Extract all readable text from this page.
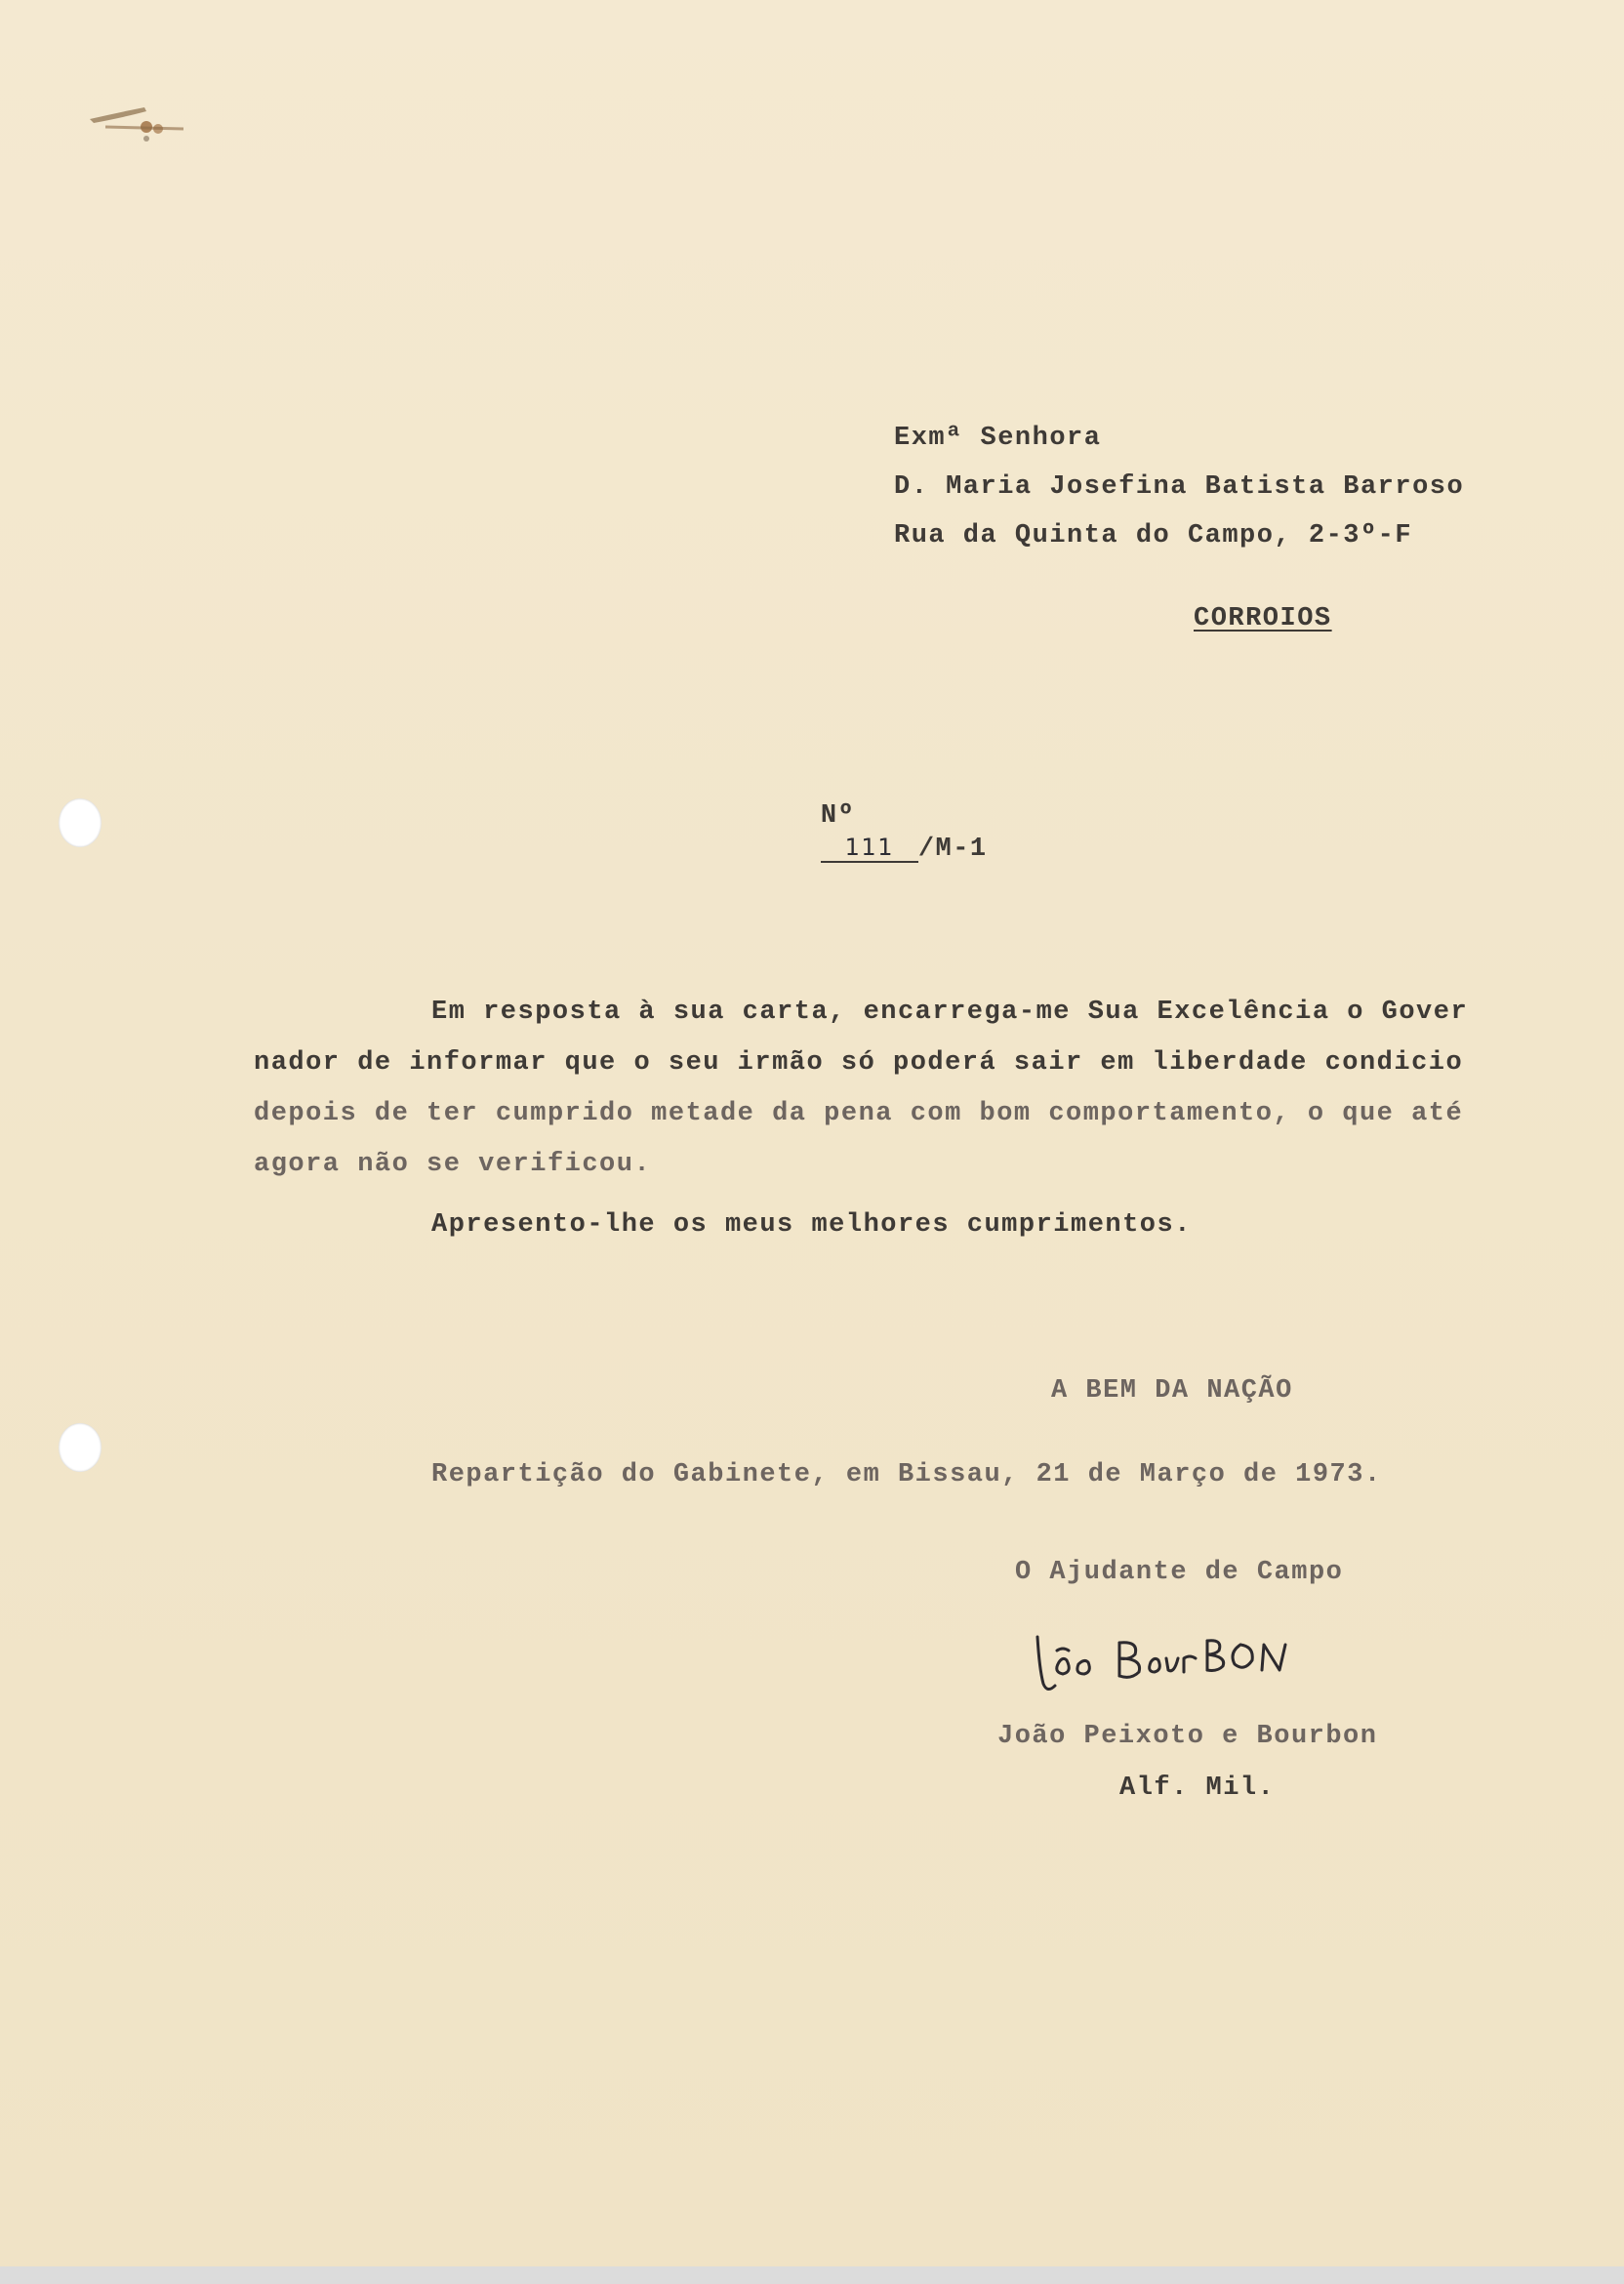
Exmª Senhora
D. Maria Josefina Batista Barroso
Rua da Quinta do Campo, 2-3º-F
CORROIOS

Nº
111 /M-1

Em resposta à sua carta, encarrega-me Sua Excelência o Gover
nador de informar que o seu irmão só poderá sair em liberdade condicio
depois de ter cumprido metade da pena com bom comportamento, o que até
agora não se verificou.
Apresento-lhe os meus melhores cumprimentos.
A BEM DA NAÇÃO
Repartição do Gabinete, em Bissau, 21 de Março de 1973.
O Ajudante de Campo
João Peixoto e Bourbon
Alf. Mil.
